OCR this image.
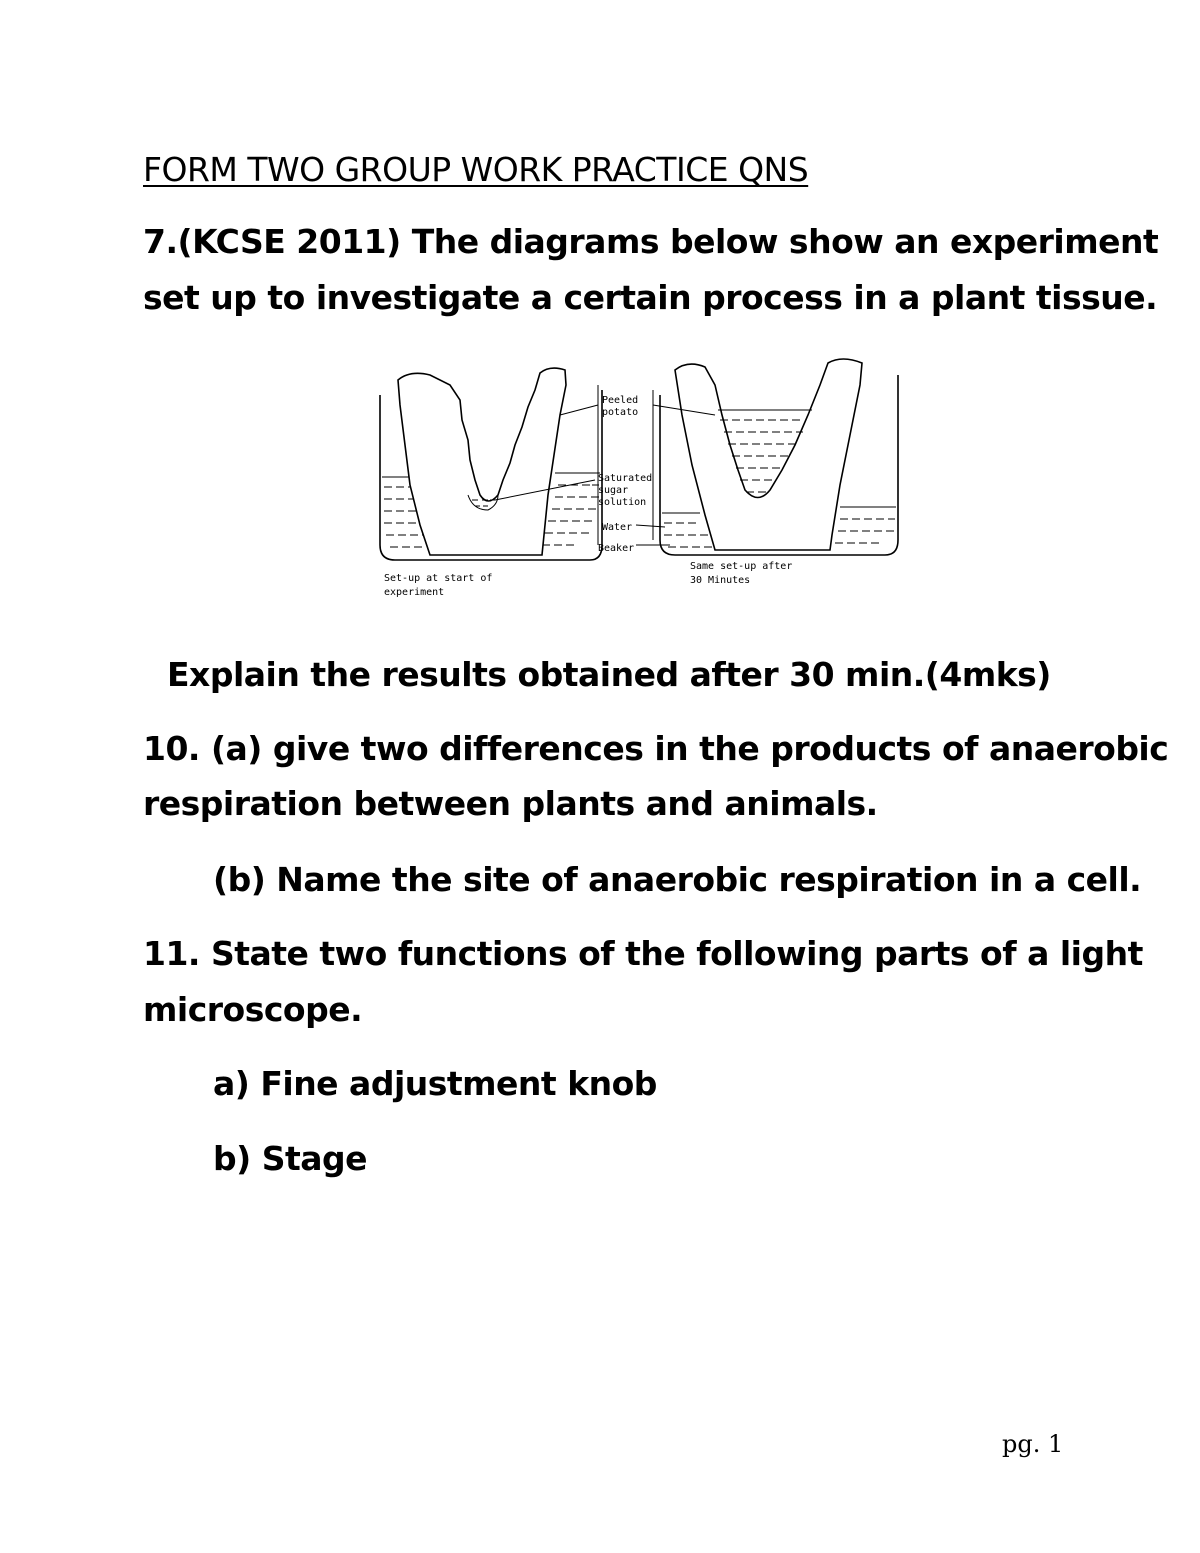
FORM TWO GROUP WORK PRACTICE QNS
7.(KCSE 2011) The diagrams below show an experiment
set up to investigate a certain process in a plant tissue.
Peeled
potato
Saturated
sugar
solution
Water
Beaker
Set-up at start of
experiment
Same set-up after
30 Minutes
Explain the results obtained after 30 min.(4mks)
10. (a) give two differences in the products of anaerobic
respiration between plants and animals.
(b) Name the site of anaerobic respiration in a cell.
11. State two functions of the following parts of a light
microscope.
a) Fine adjustment knob
b) Stage
pg. 1
